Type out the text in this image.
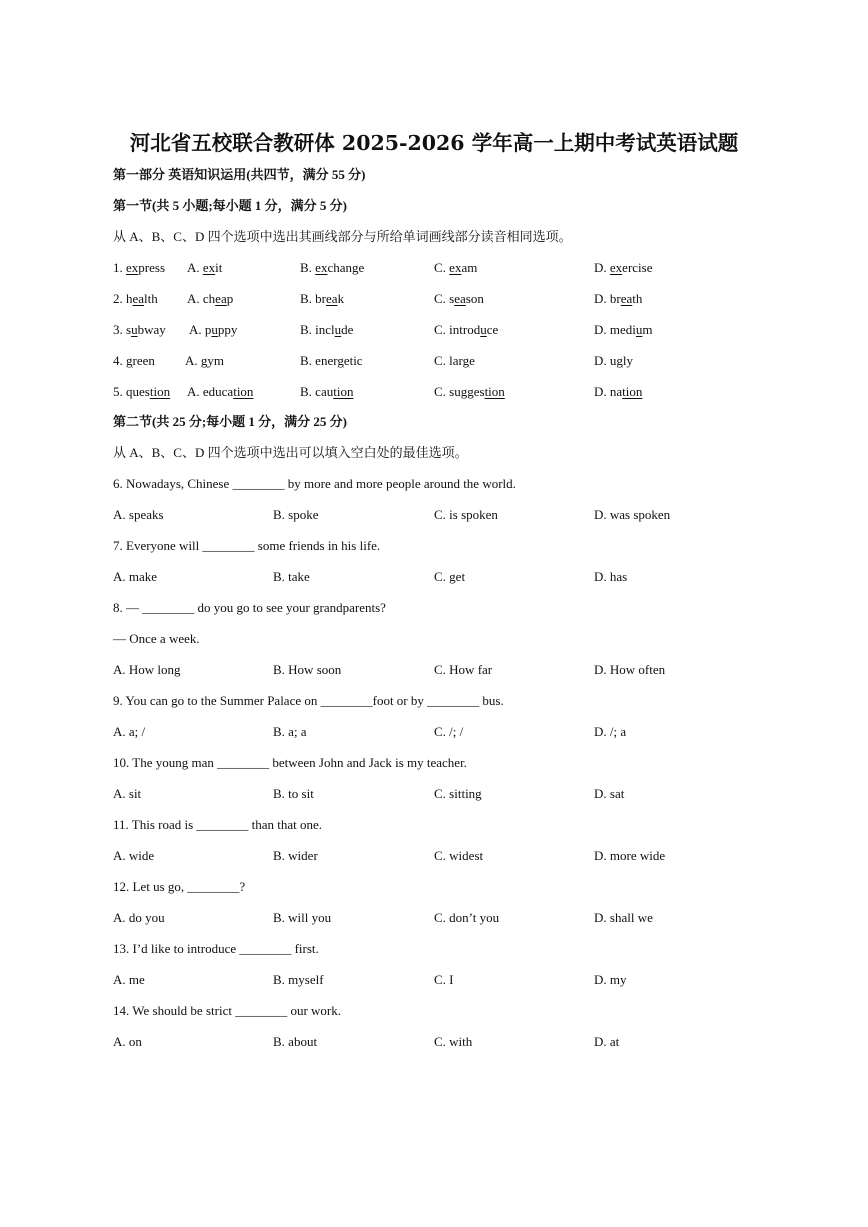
河北省五校联合教研体 2025-2026 学年高一上期中考试英语试题
第一部分 英语知识运用(共四节，满分 55 分)
第一节(共 5 小题;每小题 1 分，满分 5 分)
从 A、B、C、D 四个选项中选出其画线部分与所给单词画线部分读音相同选项。
1. express A. exit	B. exchange	C. exam	D. exercise
2. health A. cheap	B. break	C. season	D. breath
3. subway A. puppy	B. include	C. introduce	D. medium
4. green A. gym	B. energetic	C. large	D. ugly
5. question A. education	B. caution	C. suggestion	D. nation
第二节(共 25 分;每小题 1 分，满分 25 分)
从 A、B、C、D 四个选项中选出可以填入空白处的最佳选项。
6. Nowadays, Chinese ________ by more and more people around the world.
A. speaks	B. spoke	C. is spoken	D. was spoken
7. Everyone will ________ some friends in his life.
A. make	B. take	C. get	D. has
8. — ________ do you go to see your grandparents?
— Once a week.
A. How long	B. How soon	C. How far	D. How often
9. You can go to the Summer Palace on ________foot or by ________ bus.
A. a; /	B. a; a	C. /; /	D. /; a
10. The young man ________ between John and Jack is my teacher.
A. sit	B. to sit	C. sitting	D. sat
11. This road is ________ than that one.
A. wide	B. wider	C. widest	D. more wide
12. Let us go, ________?
A. do you	B. will you	C. don’t you	D. shall we
13. I’d like to introduce ________ first.
A. me	B. myself	C. I	D. my
14. We should be strict ________ our work.
A. on	B. about	C. with	D. at
